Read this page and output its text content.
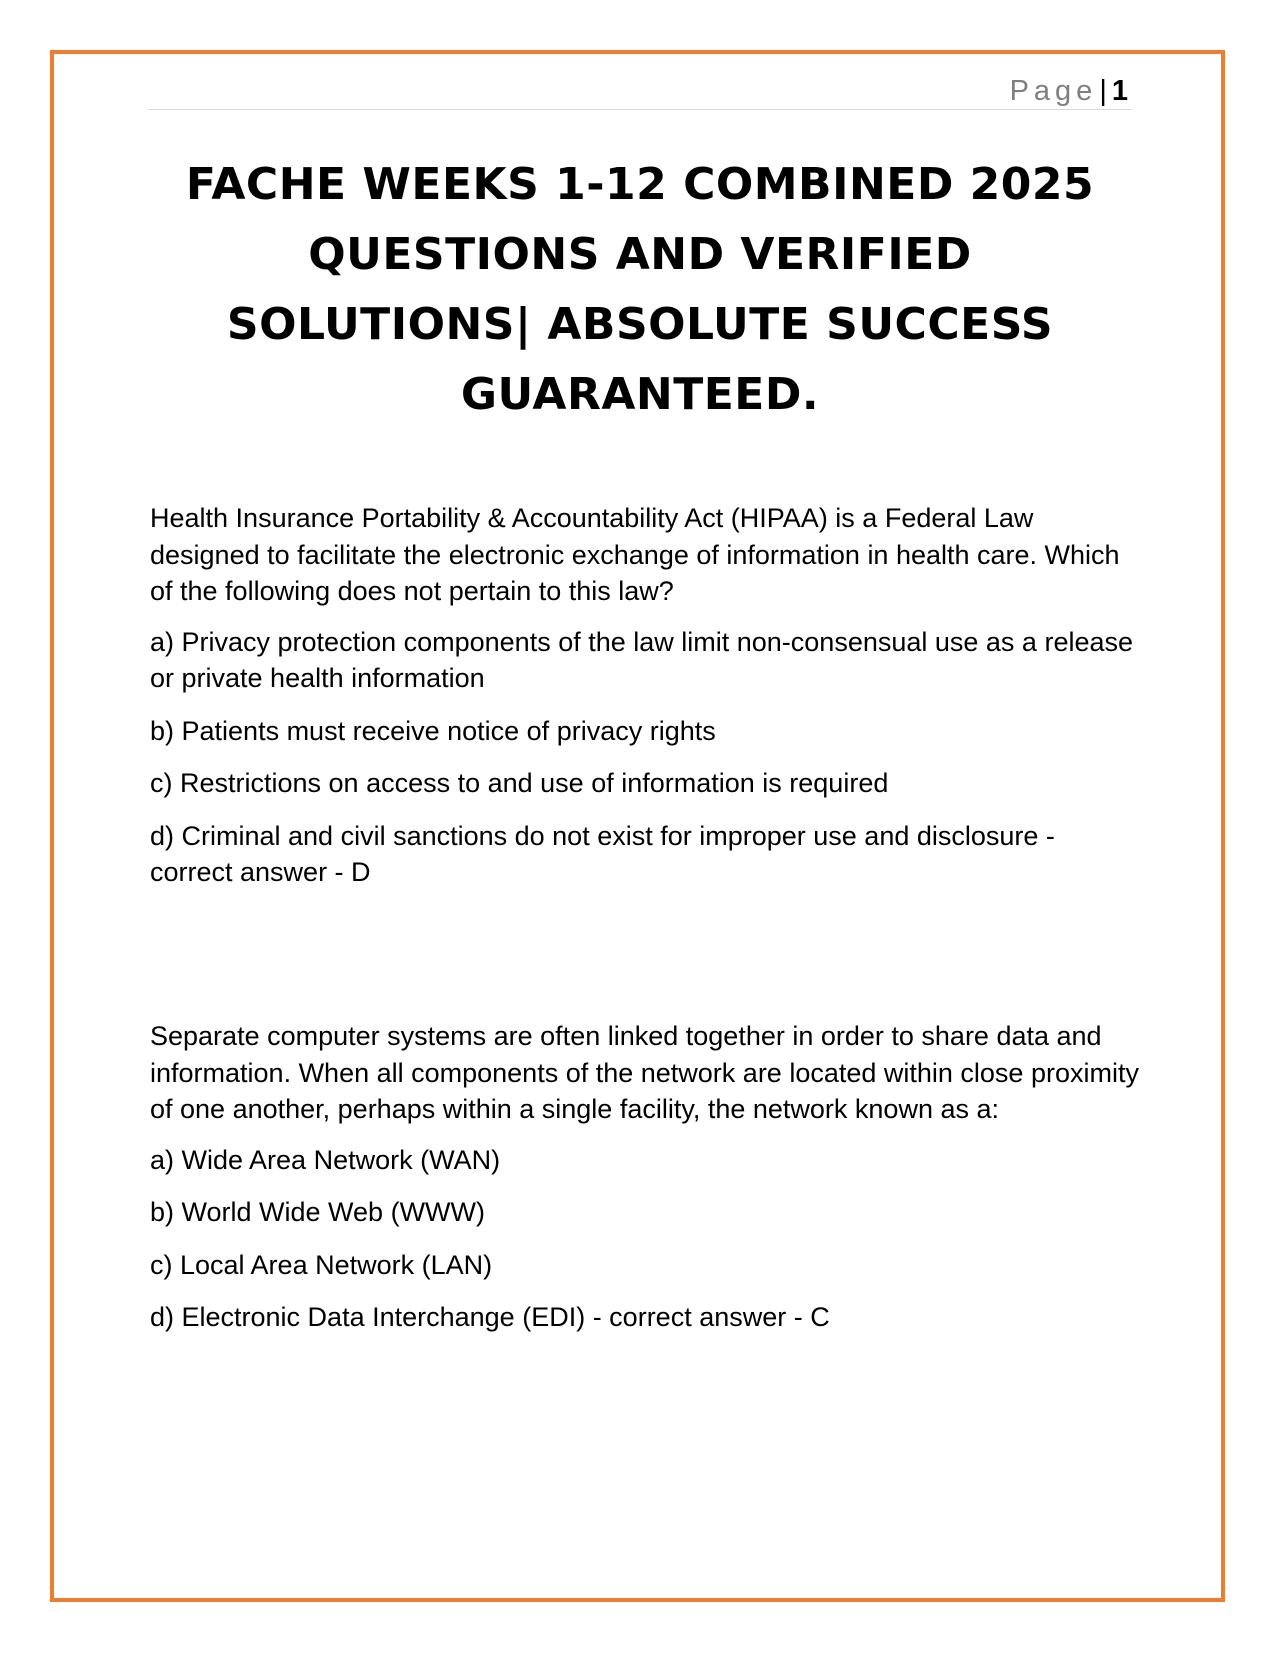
Page| 1
FACHE WEEKS 1-12 COMBINED 2025
QUESTIONS AND VERIFIED
SOLUTIONS| ABSOLUTE SUCCESS
GUARANTEED.

Health Insurance Portability & Accountability Act (HIPAA) is a Federal Law designed to facilitate the electronic exchange of information in health care. Which of the following does not pertain to this law?

a) Privacy protection components of the law limit non-consensual use as a release or private health information

b) Patients must receive notice of privacy rights

c) Restrictions on access to and use of information is required

d) Criminal and civil sanctions do not exist for improper use and disclosure - correct answer - D

Separate computer systems are often linked together in order to share data and information. When all components of the network are located within close proximity of one another, perhaps within a single facility, the network known as a:

a) Wide Area Network (WAN)

b) World Wide Web (WWW)

c) Local Area Network (LAN)

d) Electronic Data Interchange (EDI) - correct answer - C
